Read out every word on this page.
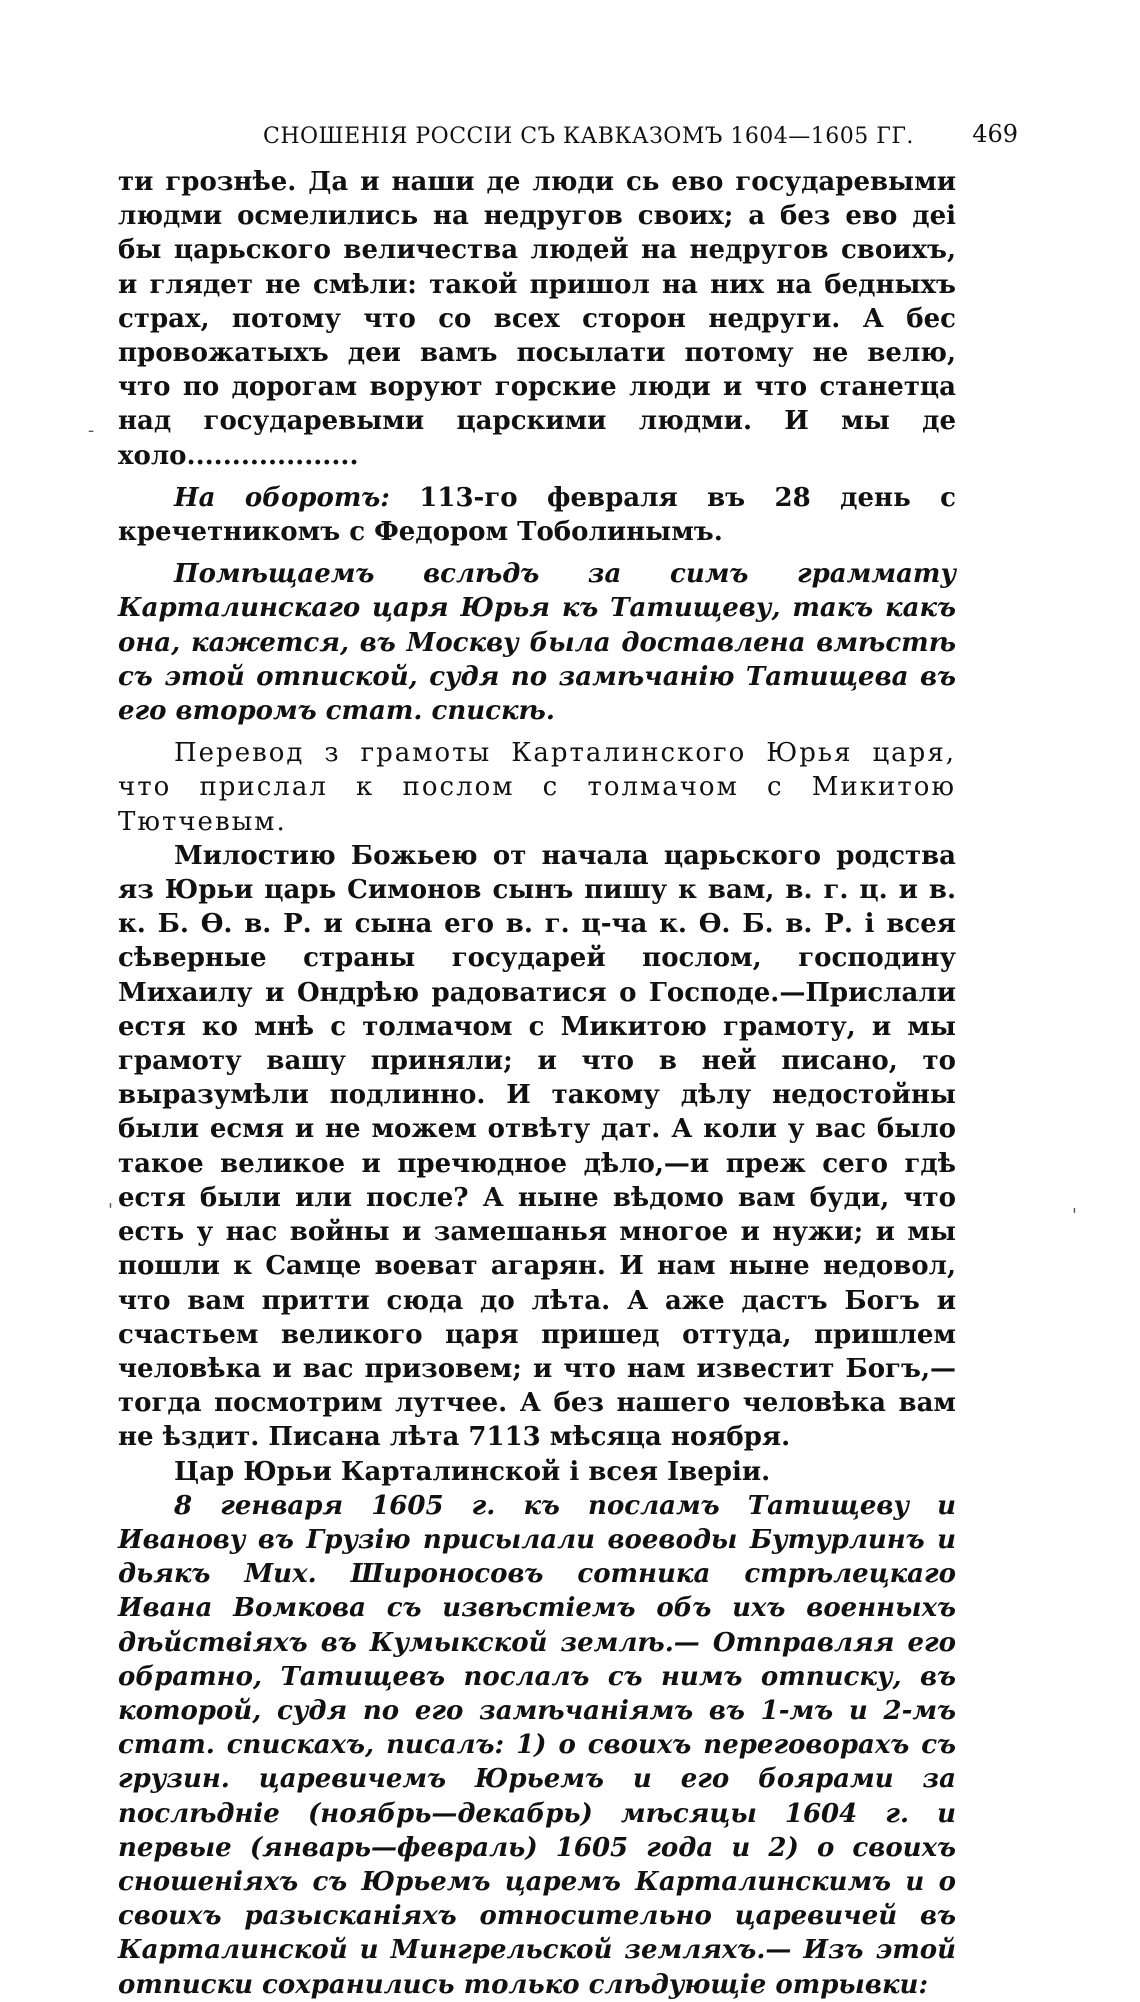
СНОШЕНІЯ РОССІИ СЪ КАВКАЗОМЪ 1604—1605 ГГ. 469
-
'	'

ти грознѣе. Да и наши де люди сь ево государевыми людми осмелились на недругов своих; а без ево деі бы царьского величества людей на недругов своихъ, и глядет не смѣли: такой пришол на них на бедныхъ страх, потому что со всех сторон недруги. А бес провожатыхъ деи вамъ посылати потому не велю, что по дорогам воруют горские люди и что станетца над государевыми царскими людми. И мы де холо...................

На оборотъ: 113-го февраля въ 28 день с кречетникомъ с Федором Тоболинымъ.

Помѣщаемъ вслѣдъ за симъ граммату Карталинскаго царя Юрья къ Татищеву, такъ какъ она, кажется, въ Москву была доставлена вмѣстѣ съ этой отпиской, судя по замѣчанію Татищева въ его второмъ стат. спискѣ.

Перевод з грамоты Карталинского Юрья царя, что прислал к послом с толмачом с Микитою Тютчевым.

Милостию Божьею от начала царьского родства яз Юрьи царь Симонов сынъ пишу к вам, в. г. ц. и в. к. Б. Ѳ. в. Р. и сына его в. г. ц-ча к. Ѳ. Б. в. Р. і всея сѣверные страны государей послом, господину Михаилу и Ондрѣю радоватися о Господе.—Прислали естя ко мнѣ с толмачом с Микитою грамоту, и мы грамоту вашу приняли; и что в ней писано, то выразумѣли подлинно. И такому дѣлу недостойны были есмя и не можем отвѣту дат. А коли у вас было такое великое и пречюдное дѣло,—и преж сего гдѣ естя были или после? А ныне вѣдомо вам буди, что есть у нас войны и замешанья многое и нужи; и мы пошли к Самце воеват агарян. И нам ныне недовол, что вам притти сюда до лѣта. А аже дастъ Богъ и счастьем великого царя пришед оттуда, пришлем человѣка и вас призовем; и что нам известит Богъ,—тогда посмотрим лутчее. А без нашего человѣка вам не ѣздит. Писана лѣта 7113 мѣсяца ноября.

Цар Юрьи Карталинской і всея Іверіи.

8 генваря 1605 г. къ посламъ Татищеву и Иванову въ Грузію присылали воеводы Бутурлинъ и дьякъ Мих. Широносовъ сотника стрѣлецкаго Ивана Вомкова съ извѣстіемъ объ ихъ военныхъ дѣйствіяхъ въ Кумыкской землѣ.— Отправляя его обратно, Татищевъ послалъ съ нимъ отписку, въ которой, судя по его замѣчаніямъ въ 1-мъ и 2-мъ стат. спискахъ, писалъ: 1) о своихъ переговорахъ съ грузин. царевичемъ Юрьемъ и его боярами за послѣдніе (ноябрь—декабрь) мѣсяцы 1604 г. и первые (январь—февраль) 1605 года и 2) о своихъ сношеніяхъ съ Юрьемъ царемъ Карталинскимъ и о своихъ разысканіяхъ относительно царевичей въ Карталинской и Мингрельской земляхъ.— Изъ этой отписки сохранились только слѣдующіе отрывки:
